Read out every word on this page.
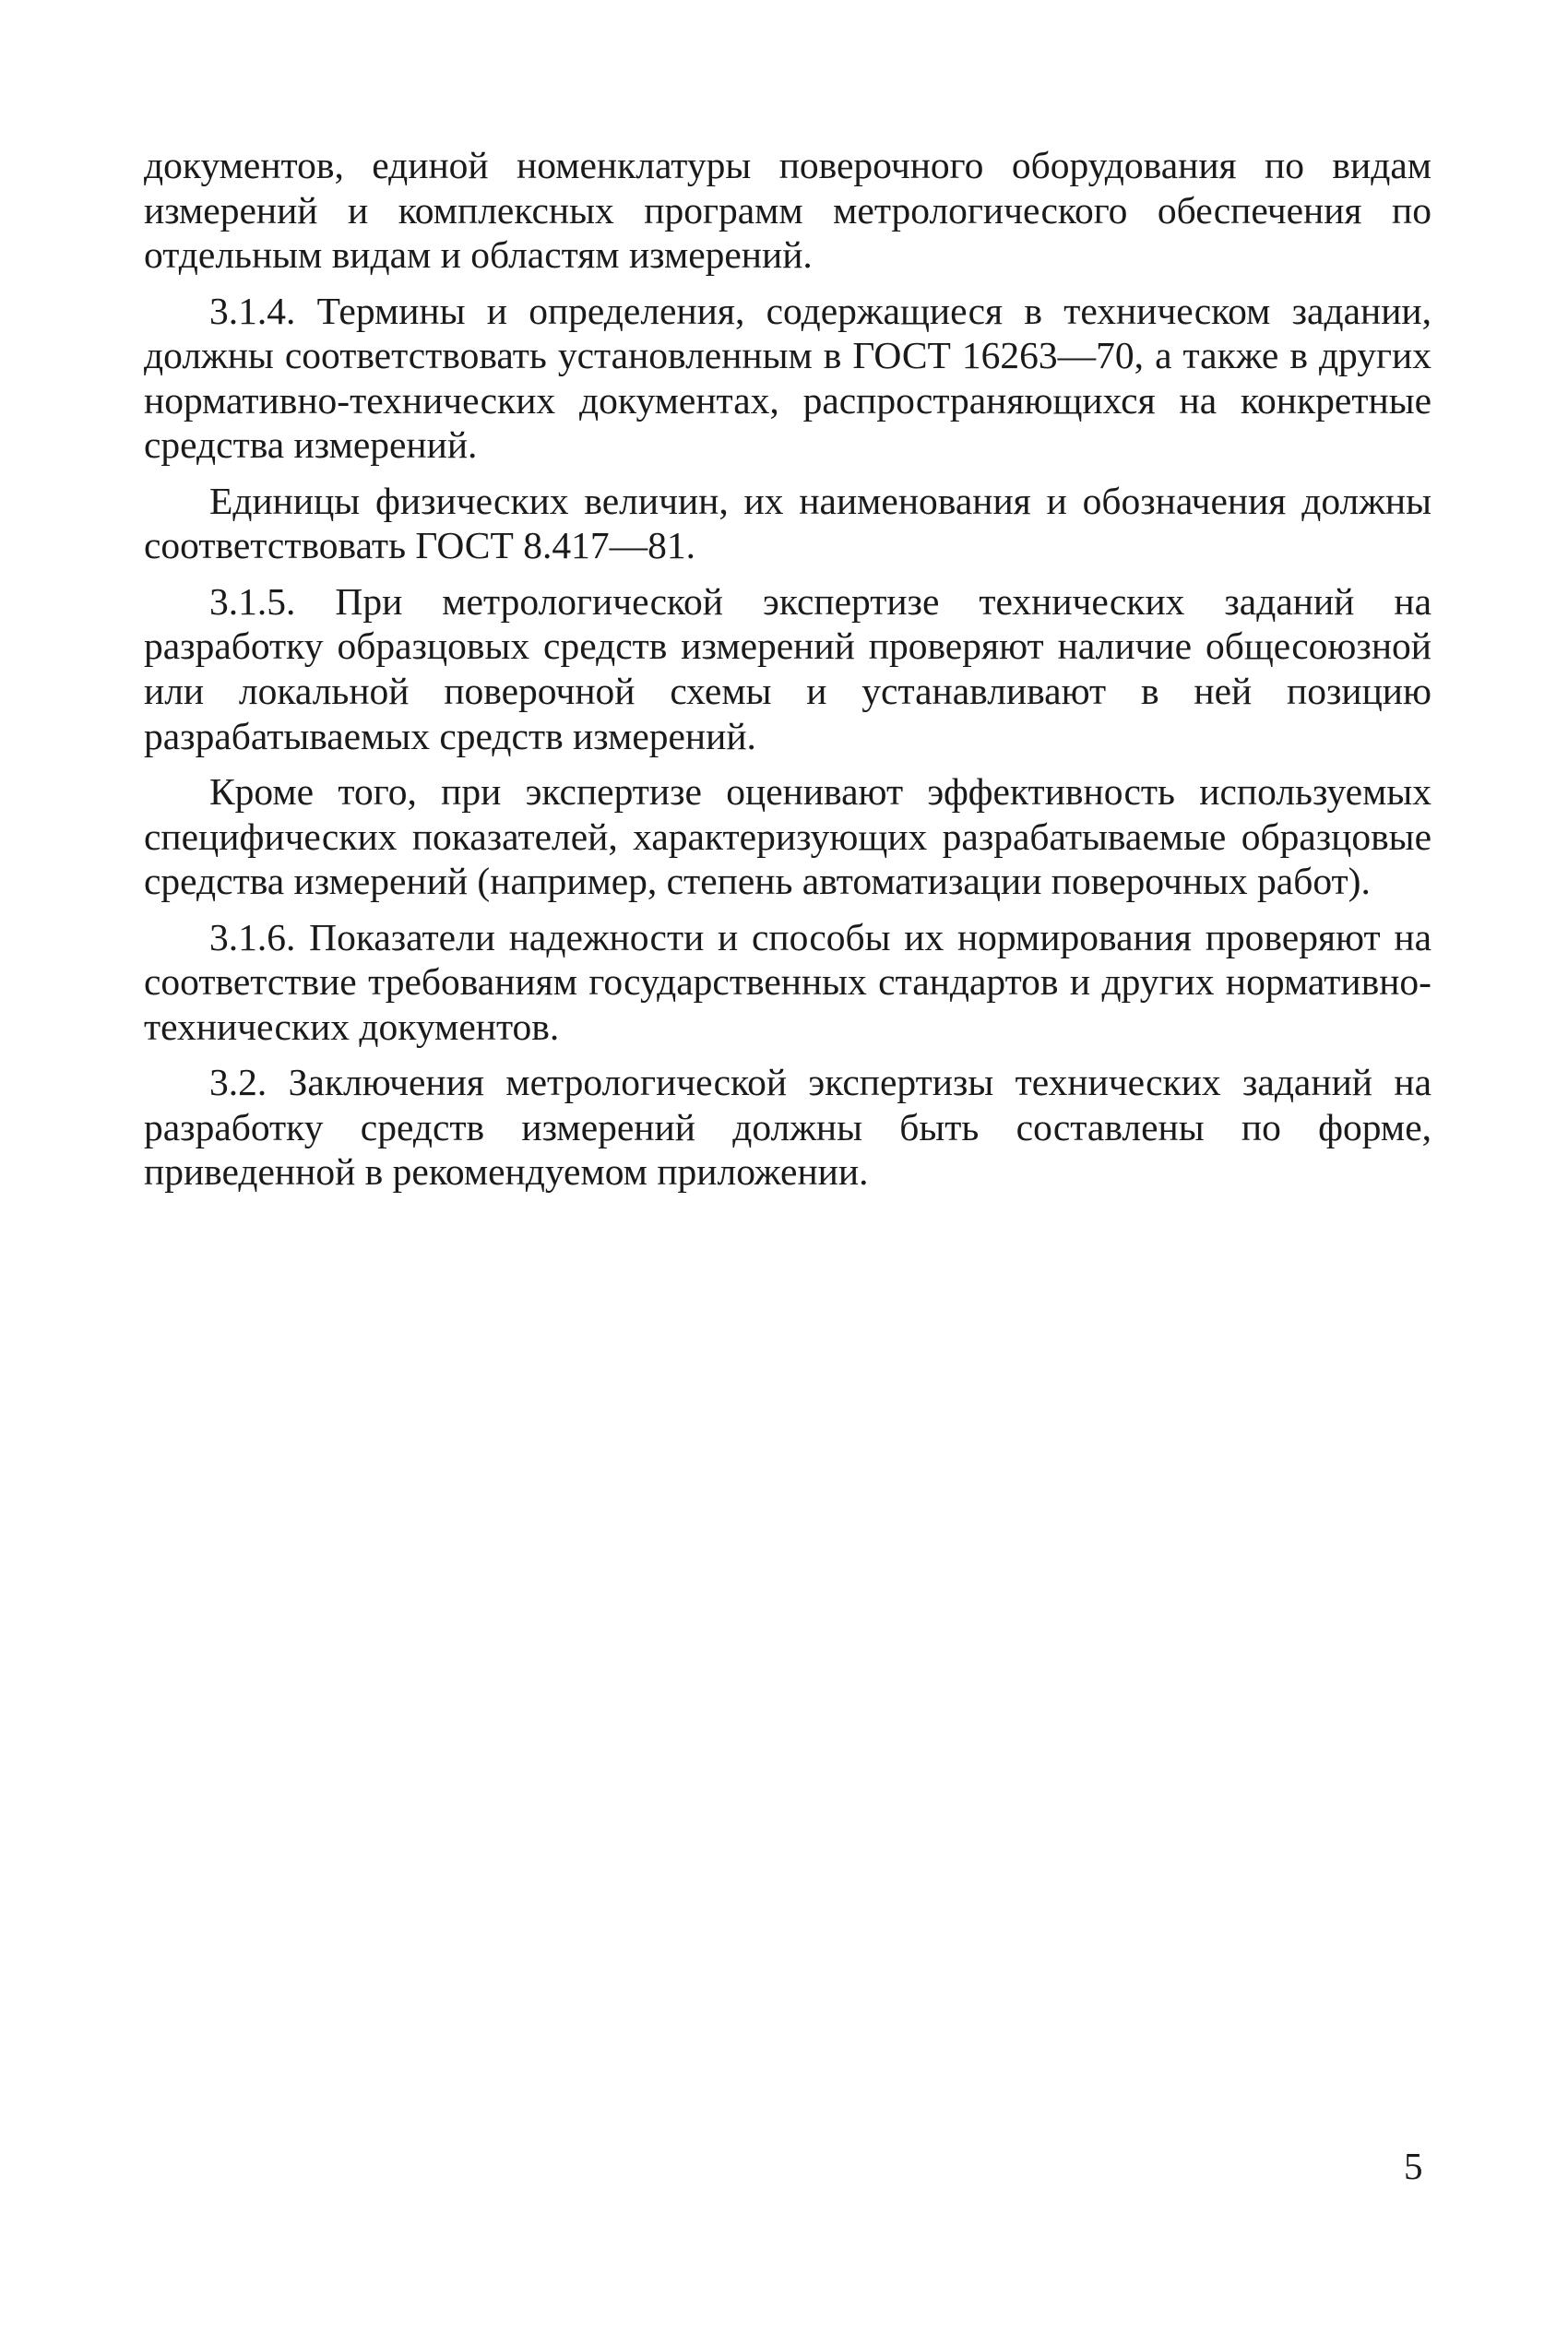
документов, единой номенклатуры поверочного оборудования по видам измерений и комплексных программ метрологического обеспечения по отдельным видам и областям измерений.

3.1.4. Термины и определения, содержащиеся в техническом задании, должны соответствовать установленным в ГОСТ 16263—70, а также в других нормативно-технических документах, распространяющихся на конкретные средства измерений.

Единицы физических величин, их наименования и обозначения должны соответствовать ГОСТ 8.417—81.

3.1.5. При метрологической экспертизе технических заданий на разработку образцовых средств измерений проверяют наличие общесоюзной или локальной поверочной схемы и устанавливают в ней позицию разрабатываемых средств измерений.

Кроме того, при экспертизе оценивают эффективность используемых специфических показателей, характеризующих разрабатываемые образцовые средства измерений (например, степень автоматизации поверочных работ).

3.1.6. Показатели надежности и способы их нормирования проверяют на соответствие требованиям государственных стандартов и других нормативно-технических документов.

3.2. Заключения метрологической экспертизы технических заданий на разработку средств измерений должны быть составлены по форме, приведенной в рекомендуемом приложении.

5
